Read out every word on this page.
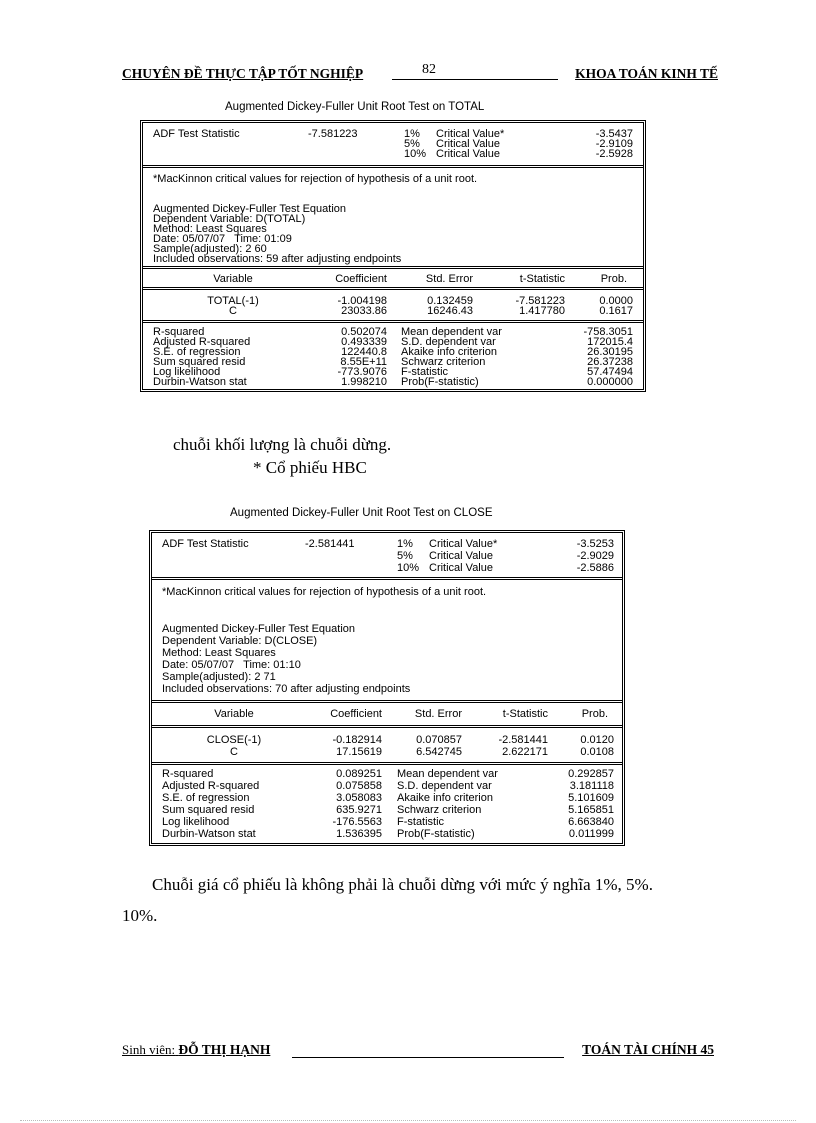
CHUYÊN ĐỀ THỰC TẬP TỐT NGHIỆP	82	KHOA TOÁN KINH TẾ
Augmented Dickey-Fuller Unit Root Test on TOTAL
ADF Test Statistic	-7.581223	1% Critical Value*	-3.5437
5% Critical Value	-2.9109
10% Critical Value	-2.5928
*MacKinnon critical values for rejection of hypothesis of a unit root.
Augmented Dickey-Fuller Test Equation
Dependent Variable: D(TOTAL)
Method: Least Squares
Date: 05/07/07   Time: 01:09
Sample(adjusted): 2 60
Included observations: 59 after adjusting endpoints
Variable	Coefficient	Std. Error	t-Statistic	Prob.
TOTAL(-1)	-1.004198	0.132459	-7.581223	0.0000
C	23033.86	16246.43	1.417780	0.1617
R-squared	0.502074 Mean dependent var	-758.3051
Adjusted R-squared	0.493339 S.D. dependent var	172015.4
S.E. of regression	122440.8 Akaike info criterion	26.30195
Sum squared resid	8.55E+11 Schwarz criterion	26.37238
Log likelihood	-773.9076 F-statistic	57.47494
Durbin-Watson stat	1.998210 Prob(F-statistic)	0.000000
chuỗi khối lượng là chuỗi dừng.
* Cổ phiếu HBC
Augmented Dickey-Fuller Unit Root Test on CLOSE
ADF Test Statistic	-2.581441	1% Critical Value*	-3.5253
5% Critical Value	-2.9029
10% Critical Value	-2.5886
*MacKinnon critical values for rejection of hypothesis of a unit root.
Augmented Dickey-Fuller Test Equation
Dependent Variable: D(CLOSE)
Method: Least Squares
Date: 05/07/07   Time: 01:10
Sample(adjusted): 2 71
Included observations: 70 after adjusting endpoints
Variable	Coefficient	Std. Error	t-Statistic	Prob.
CLOSE(-1)	-0.182914	0.070857	-2.581441	0.0120
C	17.15619	6.542745	2.622171	0.0108
R-squared	0.089251 Mean dependent var	0.292857
Adjusted R-squared	0.075858 S.D. dependent var	3.181118
S.E. of regression	3.058083 Akaike info criterion	5.101609
Sum squared resid	635.9271 Schwarz criterion	5.165851
Log likelihood	-176.5563 F-statistic	6.663840
Durbin-Watson stat	1.536395 Prob(F-statistic)	0.011999
Chuỗi giá cổ phiếu là không phải là chuỗi dừng với mức ý nghĩa 1%, 5%.
10%.
Sinh viên: ĐỖ THỊ HẠNH	TOÁN TÀI CHÍNH 45
